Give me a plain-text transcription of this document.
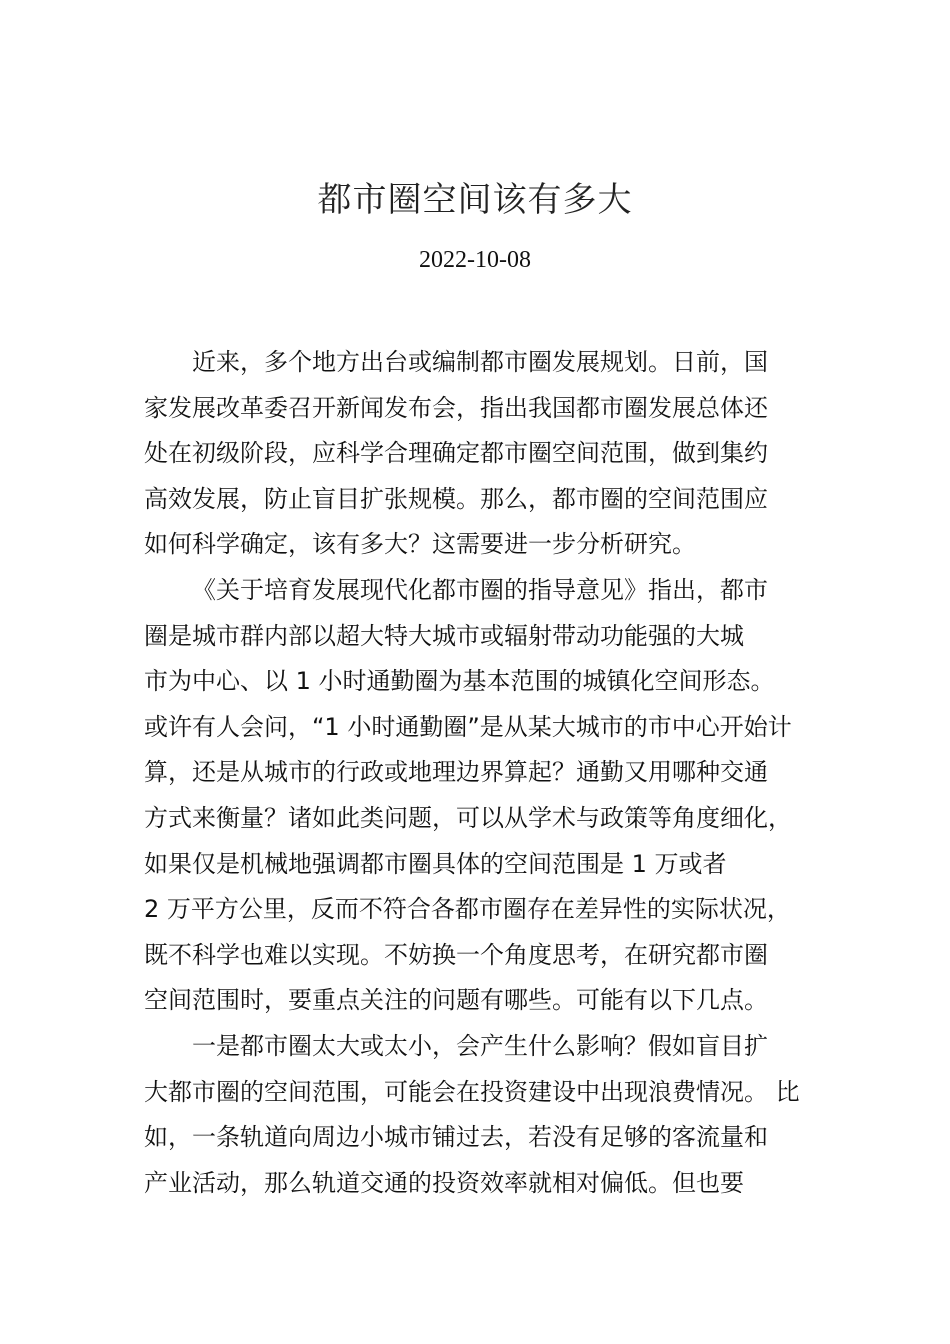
都市圈空间该有多大
2022-10-08
近来，多个地方出台或编制都市圈发展规划。日前，国
家发展改革委召开新闻发布会，指出我国都市圈发展总体还
处在初级阶段，应科学合理确定都市圈空间范围，做到集约
高效发展，防止盲目扩张规模。那么，都市圈的空间范围应
如何科学确定，该有多大？这需要进一步分析研究。
《关于培育发展现代化都市圈的指导意见》指出，都市
圈是城市群内部以超大特大城市或辐射带动功能强的大城
市为中心、以 1 小时通勤圈为基本范围的城镇化空间形态。
或许有人会问，“1 小时通勤圈”是从某大城市的市中心开始计
算，还是从城市的行政或地理边界算起？通勤又用哪种交通
方式来衡量？诸如此类问题，可以从学术与政策等角度细化，
如果仅是机械地强调都市圈具体的空间范围是 1 万或者
2 万平方公里，反而不符合各都市圈存在差异性的实际状况，
既不科学也难以实现。不妨换一个角度思考，在研究都市圈
空间范围时，要重点关注的问题有哪些。可能有以下几点。
一是都市圈太大或太小，会产生什么影响？假如盲目扩
大都市圈的空间范围，可能会在投资建设中出现浪费情况。 比
如，一条轨道向周边小城市铺过去，若没有足够的客流量和
产业活动，那么轨道交通的投资效率就相对偏低。但也要
